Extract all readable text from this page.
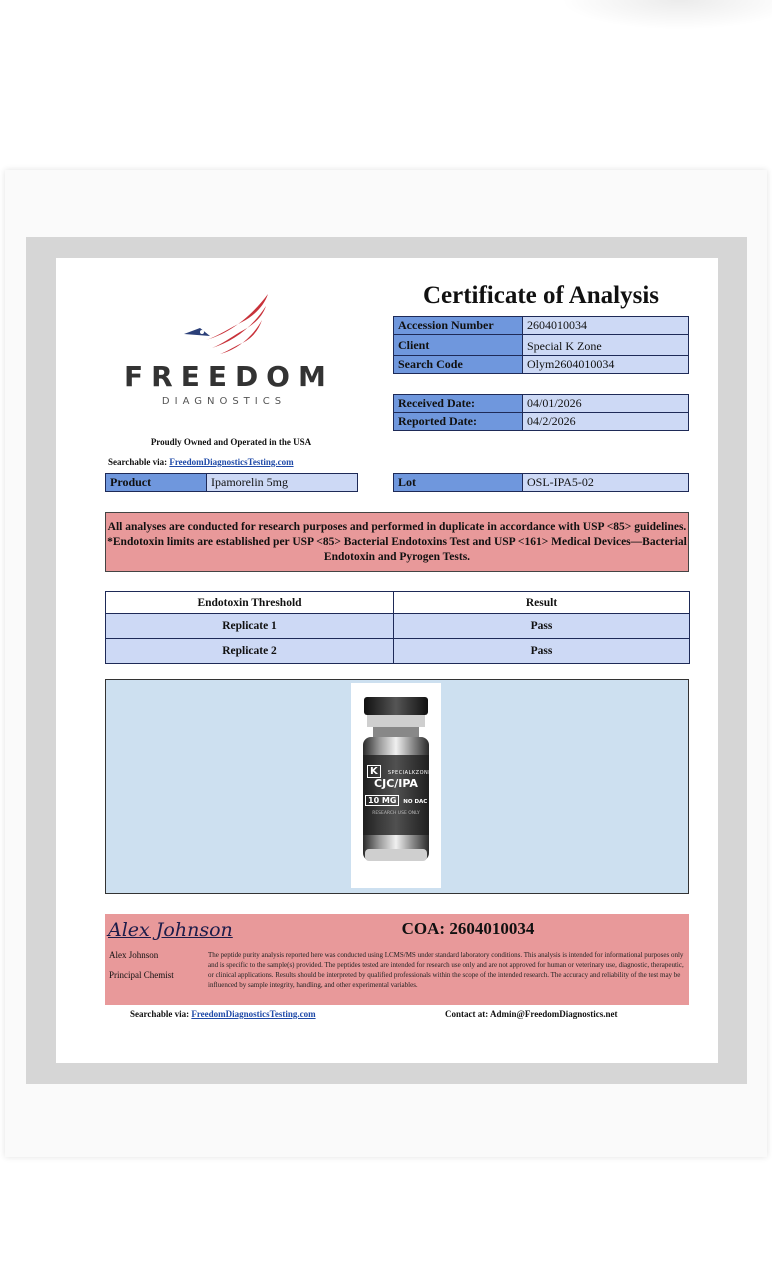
FREEDOM
DIAGNOSTICS
Proudly Owned and Operated in the USA
Searchable via: FreedomDiagnosticsTesting.com
Certificate of Analysis
Accession Number	2604010034
Client	Special K Zone
Search Code	Olym2604010034
Received Date:	04/01/2026
Reported Date:	04/2/2026
Product	Ipamorelin 5mg	Lot	OSL-IPA5-02
All analyses are conducted for research purposes and performed in duplicate in accordance with USP <85> guidelines. *Endotoxin limits are established per USP <85> Bacterial Endotoxins Test and USP <161> Medical Devices—Bacterial Endotoxin and Pyrogen Tests.
Endotoxin Threshold	Result
Replicate 1	Pass
Replicate 2	Pass
K SPECIALKZONE
CJC/IPA
10 MG NO DAC
RESEARCH USE ONLY
Alex Johnson	COA: 2604010034
Alex Johnson
Principal Chemist
The peptide purity analysis reported here was conducted using LCMS/MS under standard laboratory conditions. This analysis is intended for informational purposes only and is specific to the sample(s) provided. The peptides tested are intended for research use only and are not approved for human or veterinary use, diagnostic, therapeutic, or clinical applications. Results should be interpreted by qualified professionals within the scope of the intended research. The accuracy and reliability of the test may be influenced by sample integrity, handling, and other experimental variables.
Searchable via: FreedomDiagnosticsTesting.com	Contact at: Admin@FreedomDiagnostics.net
